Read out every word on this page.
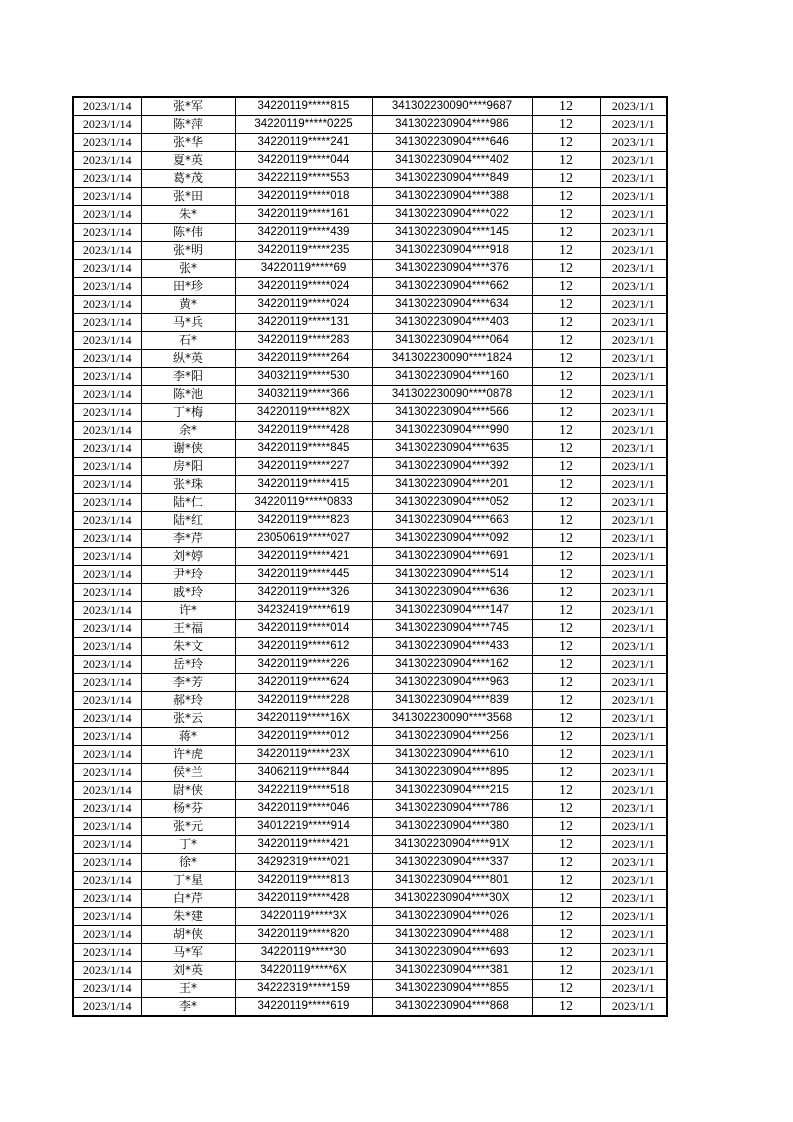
2023/1/14	张*军	34220119*****815	341302230090****9687	12	2023/1/1
2023/1/14	陈*萍	34220119*****0225	341302230904****986	12	2023/1/1
2023/1/14	张*华	34220119*****241	341302230904****646	12	2023/1/1
2023/1/14	夏*英	34220119*****044	341302230904****402	12	2023/1/1
2023/1/14	葛*茂	34222119*****553	341302230904****849	12	2023/1/1
2023/1/14	张*田	34220119*****018	341302230904****388	12	2023/1/1
2023/1/14	朱*	34220119*****161	341302230904****022	12	2023/1/1
2023/1/14	陈*伟	34220119*****439	341302230904****145	12	2023/1/1
2023/1/14	张*明	34220119*****235	341302230904****918	12	2023/1/1
2023/1/14	张*	34220119*****69	341302230904****376	12	2023/1/1
2023/1/14	田*珍	34220119*****024	341302230904****662	12	2023/1/1
2023/1/14	黄*	34220119*****024	341302230904****634	12	2023/1/1
2023/1/14	马*兵	34220119*****131	341302230904****403	12	2023/1/1
2023/1/14	石*	34220119*****283	341302230904****064	12	2023/1/1
2023/1/14	纵*英	34220119*****264	341302230090****1824	12	2023/1/1
2023/1/14	李*阳	34032119*****530	341302230904****160	12	2023/1/1
2023/1/14	陈*池	34032119*****366	341302230090****0878	12	2023/1/1
2023/1/14	丁*梅	34220119*****82X	341302230904****566	12	2023/1/1
2023/1/14	余*	34220119*****428	341302230904****990	12	2023/1/1
2023/1/14	谢*侠	34220119*****845	341302230904****635	12	2023/1/1
2023/1/14	房*阳	34220119*****227	341302230904****392	12	2023/1/1
2023/1/14	张*珠	34220119*****415	341302230904****201	12	2023/1/1
2023/1/14	陆*仁	34220119*****0833	341302230904****052	12	2023/1/1
2023/1/14	陆*红	34220119*****823	341302230904****663	12	2023/1/1
2023/1/14	李*芹	23050619*****027	341302230904****092	12	2023/1/1
2023/1/14	刘*婷	34220119*****421	341302230904****691	12	2023/1/1
2023/1/14	尹*玲	34220119*****445	341302230904****514	12	2023/1/1
2023/1/14	戚*玲	34220119*****326	341302230904****636	12	2023/1/1
2023/1/14	许*	34232419*****619	341302230904****147	12	2023/1/1
2023/1/14	王*福	34220119*****014	341302230904****745	12	2023/1/1
2023/1/14	朱*文	34220119*****612	341302230904****433	12	2023/1/1
2023/1/14	岳*玲	34220119*****226	341302230904****162	12	2023/1/1
2023/1/14	李*芳	34220119*****624	341302230904****963	12	2023/1/1
2023/1/14	郝*玲	34220119*****228	341302230904****839	12	2023/1/1
2023/1/14	张*云	34220119*****16X	341302230090****3568	12	2023/1/1
2023/1/14	蒋*	34220119*****012	341302230904****256	12	2023/1/1
2023/1/14	许*虎	34220119*****23X	341302230904****610	12	2023/1/1
2023/1/14	侯*兰	34062119*****844	341302230904****895	12	2023/1/1
2023/1/14	尉*侠	34222119*****518	341302230904****215	12	2023/1/1
2023/1/14	杨*芬	34220119*****046	341302230904****786	12	2023/1/1
2023/1/14	张*元	34012219*****914	341302230904****380	12	2023/1/1
2023/1/14	丁*	34220119*****421	341302230904****91X	12	2023/1/1
2023/1/14	徐*	34292319*****021	341302230904****337	12	2023/1/1
2023/1/14	丁*星	34220119*****813	341302230904****801	12	2023/1/1
2023/1/14	白*芹	34220119*****428	341302230904****30X	12	2023/1/1
2023/1/14	朱*建	34220119*****3X	341302230904****026	12	2023/1/1
2023/1/14	胡*侠	34220119*****820	341302230904****488	12	2023/1/1
2023/1/14	马*军	34220119*****30	341302230904****693	12	2023/1/1
2023/1/14	刘*英	34220119*****6X	341302230904****381	12	2023/1/1
2023/1/14	王*	34222319*****159	341302230904****855	12	2023/1/1
2023/1/14	李*	34220119*****619	341302230904****868	12	2023/1/1
